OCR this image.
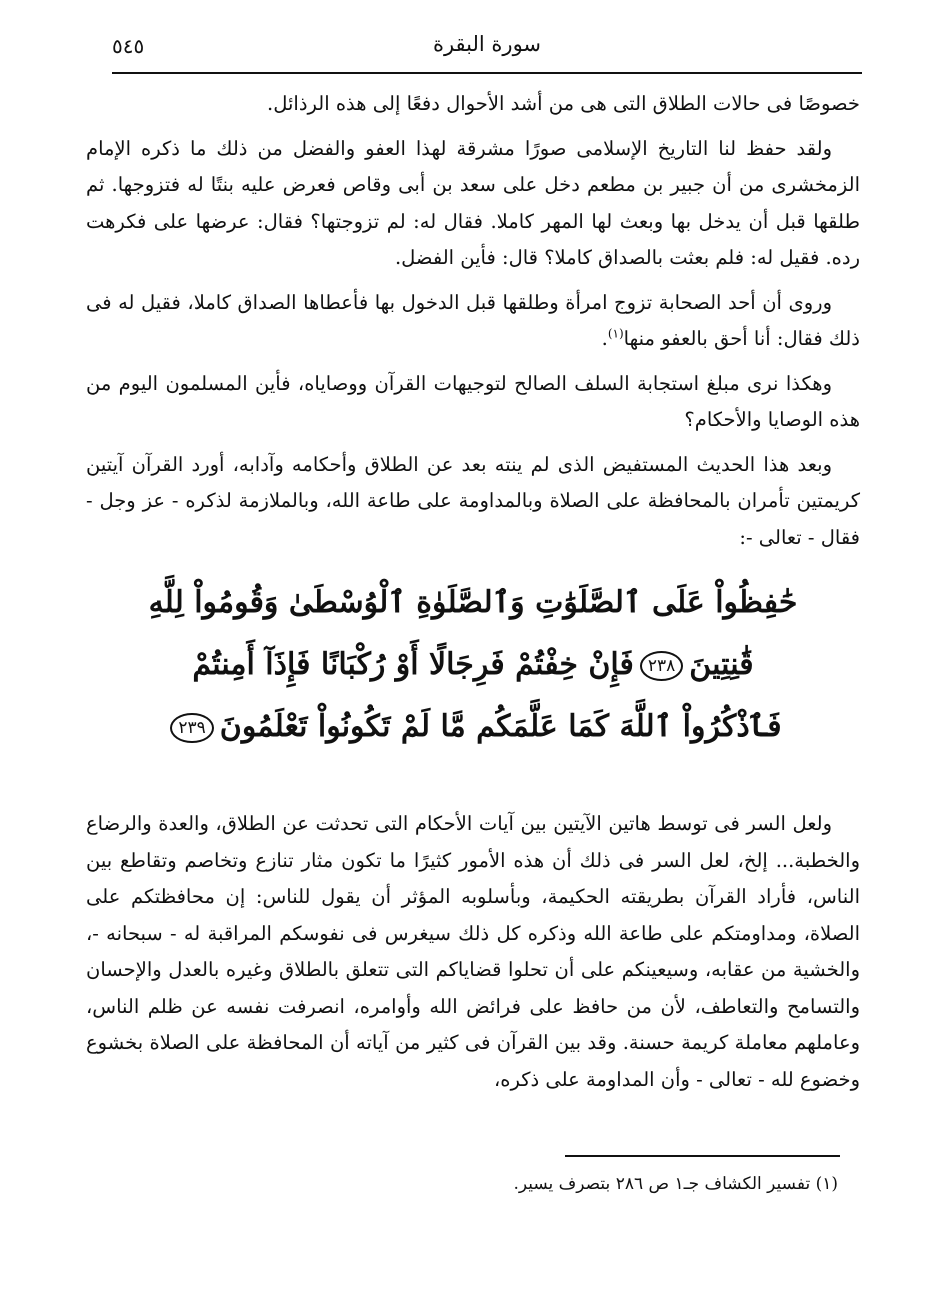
سورة البقرة
٥٤٥

خصوصًا فى حالات الطلاق التى هى من أشد الأحوال دفعًا إلى هذه الرذائل.

ولقد حفظ لنا التاريخ الإسلامى صورًا مشرقة لهذا العفو والفضل من ذلك ما ذكره الإمام الزمخشرى من أن جبير بن مطعم دخل على سعد بن أبى وقاص فعرض عليه بنتًا له فتزوجها. ثم طلقها قبل أن يدخل بها وبعث لها المهر كاملا. فقال له: لم تزوجتها؟ فقال: عرضها على فكرهت رده. فقيل له: فلم بعثت بالصداق كاملا؟ قال: فأين الفضل.

وروى أن أحد الصحابة تزوج امرأة وطلقها قبل الدخول بها فأعطاها الصداق كاملا، فقيل له فى ذلك فقال: أنا أحق بالعفو منها$^{(١)}$.

وهكذا نرى مبلغ استجابة السلف الصالح لتوجيهات القرآن ووصاياه، فأين المسلمون اليوم من هذه الوصايا والأحكام؟

وبعد هذا الحديث المستفيض الذى لم ينته بعد عن الطلاق وأحكامه وآدابه، أورد القرآن آيتين كريمتين تأمران بالمحافظة على الصلاة وبالمداومة على طاعة الله، وبالملازمة لذكره - عز وجل - فقال - تعالى -:

حَٰفِظُواْ عَلَى ٱلصَّلَوَٰتِ وَٱلصَّلَوٰةِ ٱلْوُسْطَىٰ وَقُومُواْ لِلَّهِ
قَٰنِتِينَ٢٣٨فَإِنْ خِفْتُمْ فَرِجَالًا أَوْ رُكْبَانًا فَإِذَآ أَمِنتُمْ
فَٱذْكُرُواْ ٱللَّهَ كَمَا عَلَّمَكُم مَّا لَمْ تَكُونُواْ تَعْلَمُونَ٢٣٩

ولعل السر فى توسط هاتين الآيتين بين آيات الأحكام التى تحدثت عن الطلاق، والعدة والرضاع والخطبة... إلخ، لعل السر فى ذلك أن هذه الأمور كثيرًا ما تكون مثار تنازع وتخاصم وتقاطع بين الناس، فأراد القرآن بطريقته الحكيمة، وبأسلوبه المؤثر أن يقول للناس: إن محافظتكم على الصلاة، ومداومتكم على طاعة الله وذكره كل ذلك سيغرس فى نفوسكم المراقبة له - سبحانه -، والخشية من عقابه، وسيعينكم على أن تحلوا قضاياكم التى تتعلق بالطلاق وغيره بالعدل والإحسان والتسامح والتعاطف، لأن من حافظ على فرائض الله وأوامره، انصرفت نفسه عن ظلم الناس، وعاملهم معاملة كريمة حسنة. وقد بين القرآن فى كثير من آياته أن المحافظة على الصلاة بخشوع وخضوع لله - تعالى - وأن المداومة على ذكره،

(١) تفسير الكشاف جـ١ ص ٢٨٦ بتصرف يسير.
